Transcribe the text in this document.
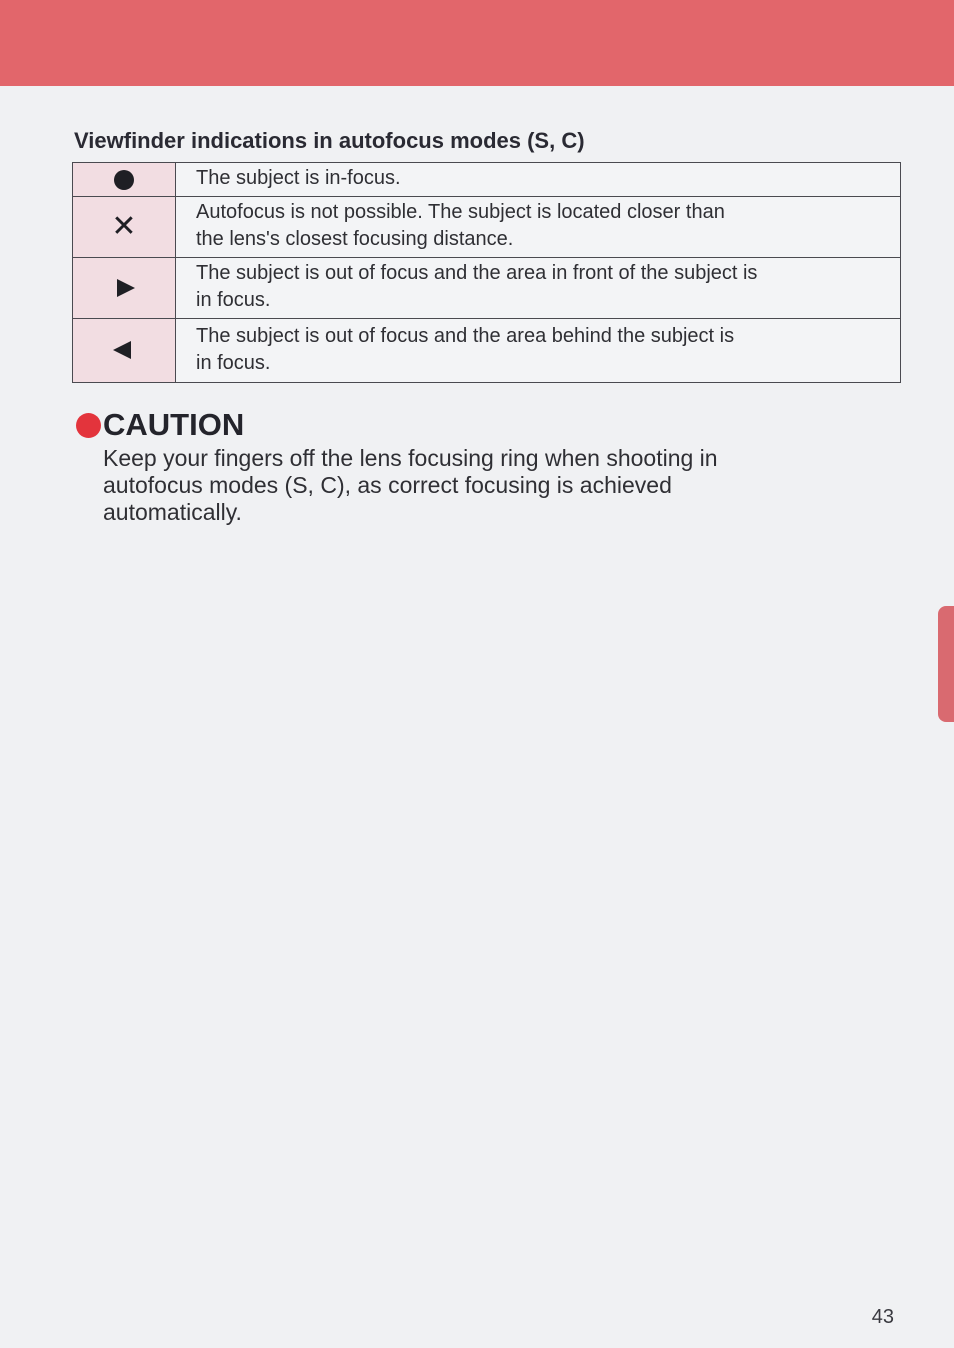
Viewfinder indications in autofocus modes (S, C)
	The subject is in-focus.
✕	Autofocus is not possible. The subject is located closer than
the lens's closest focusing distance.
	The subject is out of focus and the area in front of the subject is
in focus.
	The subject is out of focus and the area behind the subject is
in focus.
CAUTION

Keep your fingers off the lens focusing ring when shooting in
autofocus modes (S, C), as correct focusing is achieved
automatically.

43
